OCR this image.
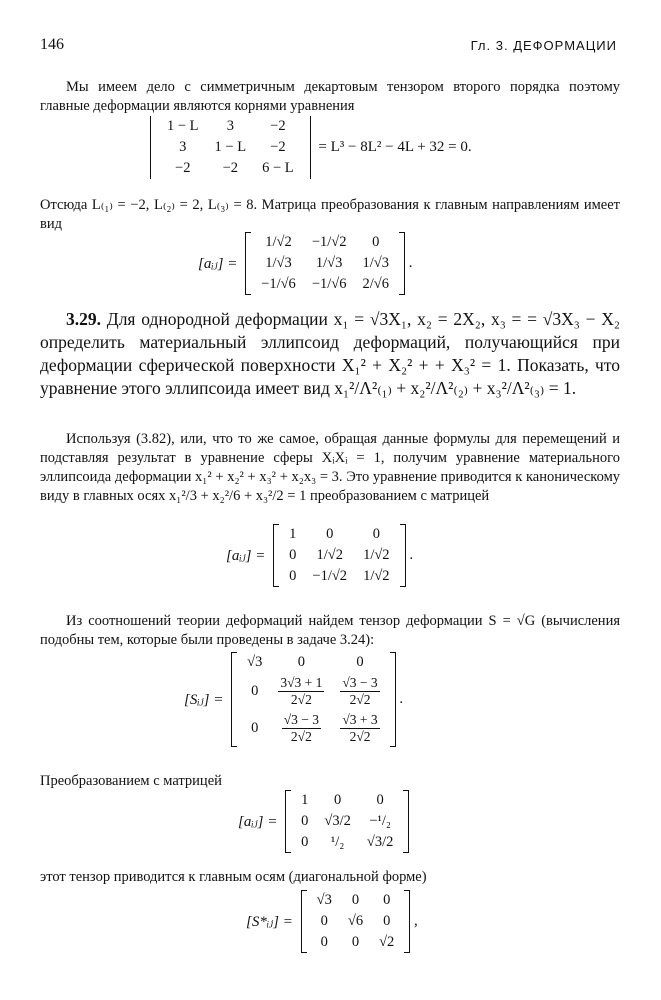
146	Гл. 3. ДЕФОРМАЦИИ

Мы имеем дело с симметричным декартовым тензором второго порядка поэтому главные деформации являются корнями уравнения

1 − L	3	−2
3	1 − L	−2
−2	−2	6 − L
= L³ − 8L² − 4L + 32 = 0.

Отсюда L₍₁₎ = −2, L₍₂₎ = 2, L₍₃₎ = 8. Матрица преобразования к главным направлениям имеет вид

[aᵢⱼ] =
1/√2	−1/√2	0
1/√3	1/√3	1/√3
−1/√6	−1/√6	2/√6
.

3.29. Для однородной деформации x₁ = √3X₁, x₂ = 2X₂, x₃ = = √3X₃ − X₂ определить материальный эллипсоид деформаций, получающийся при деформации сферической поверхности X₁² + X₂² + + X₃² = 1. Показать, что уравнение этого эллипсоида имеет вид x₁²/Λ²₍₁₎ + x₂²/Λ²₍₂₎ + x₃²/Λ²₍₃₎ = 1.

Используя (3.82), или, что то же самое, обращая данные формулы для перемещений и подставляя результат в уравнение сферы XᵢXᵢ = 1, получим уравнение материального эллипсоида деформации x₁² + x₂² + x₃² + x₂x₃ = 3. Это уравнение приводится к каноническому виду в главных осях x₁²/3 + x₂²/6 + x₃²/2 = 1 преобразованием с матрицей

[aᵢⱼ] =
1	0	0
0	1/√2	1/√2
0	−1/√2	1/√2
.

Из соотношений теории деформаций найдем тензор деформации S = √G (вычисления подобны тем, которые были проведены в задаче 3.24):

[Sᵢⱼ] =
√3	0	0
0	$\frac{3√3 + 1}{2√2}$	$\frac{√3 - 3}{2√2}$

0	$\frac{√3 - 3}{2√2}$	$\frac{√3 + 3}{2√2}$
.

Преобразованием с матрицей

[aᵢⱼ] =
1	0	0
0	√3/2	−¹/₂
0	¹/₂	√3/2

этот тензор приводится к главным осям (диагональной форме)

[S*ᵢⱼ] =
√3	0	0
0	√6	0
0	0	√2
,
